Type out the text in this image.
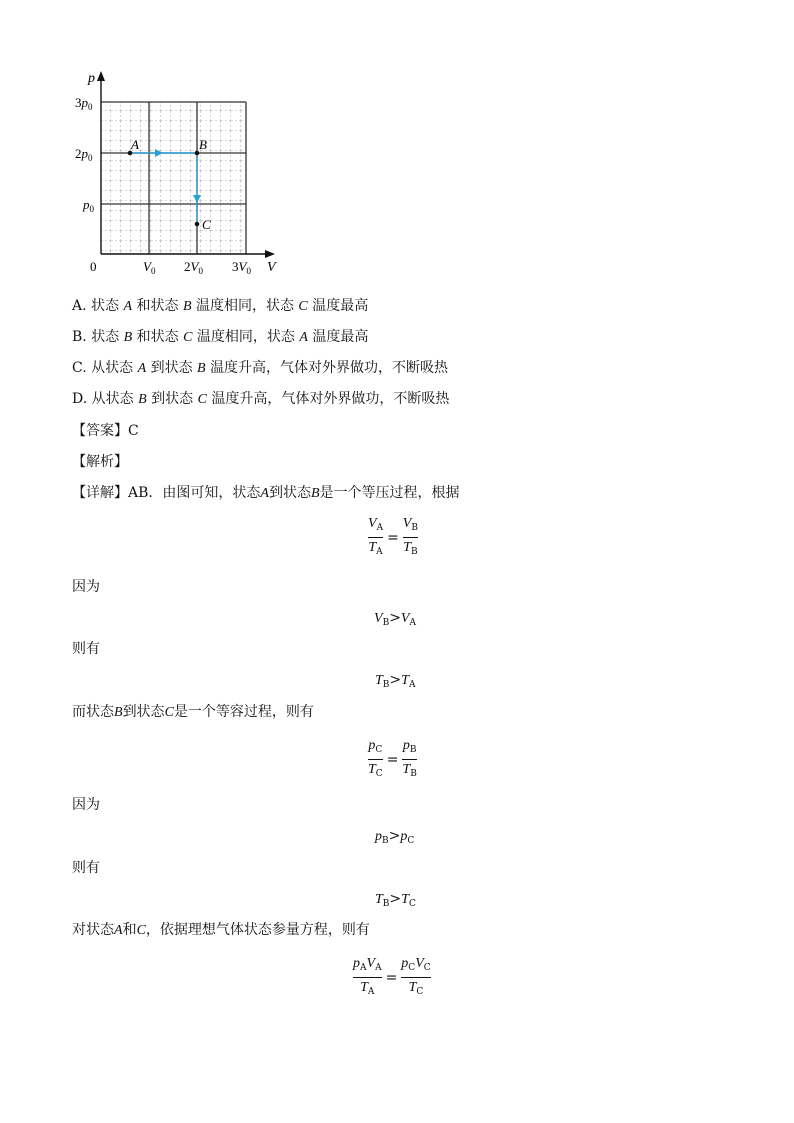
A	B
C
p
V
0
$3p_0$
$2p_0$
$p_0$
$V_0$ $2V_0$ $3V_0$
A. 状态 A 和状态 B 温度相同，状态 C 温度最高
B. 状态 B 和状态 C 温度相同，状态 A 温度最高
C. 从状态 A 到状态 B 温度升高，气体对外界做功，不断吸热
D. 从状态 B 到状态 C 温度升高，气体对外界做功，不断吸热
【答案】C
【解析】
【详解】AB．由图可知，状态A到状态B是一个等压过程，根据
$\frac{V_A}{T_A} = \frac{V_B}{T_B}$
因为
$V_B>V_A$
则有
$T_B>T_A$
而状态B到状态C是一个等容过程，则有
$\frac{p_C}{T_C} = \frac{p_B}{T_B}$
因为
$p_B>p_C$
则有
$T_B>T_C$
对状态A和C，依据理想气体状态参量方程，则有
$\frac{p_AV_A}{T_A} = \frac{p_CV_C}{T_C}$
